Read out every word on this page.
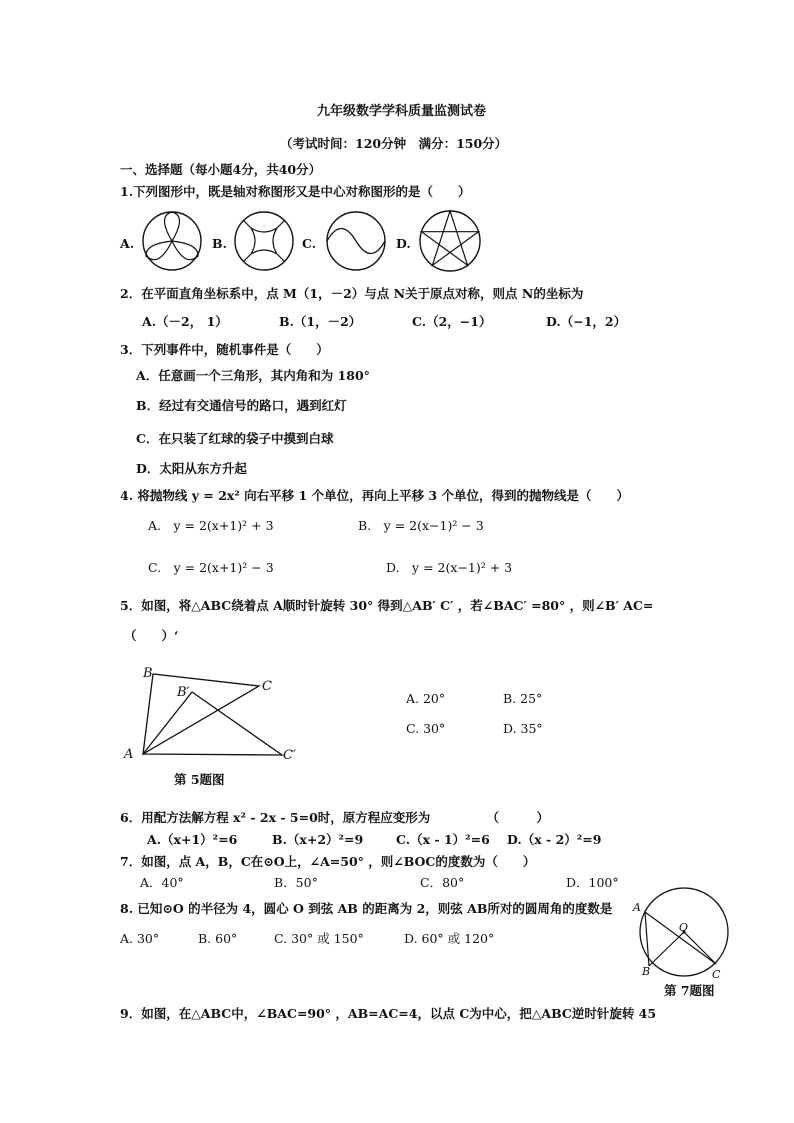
九年级数学学科质量监测试卷
（考试时间：120分钟　满分：150分）
一、选择题（每小题4分，共40分）
1.下列图形中，既是轴对称图形又是中心对称图形的是（　　）
A.	B.	C.	D.
2．在平面直角坐标系中，点 M（1，－2）与点 N关于原点对称，则点 N的坐标为
A.（－2， 1）	B.（1，－2）	C.（2，−1）	D.（−1，2）
3．下列事件中，随机事件是（　　）
A．任意画一个三角形，其内角和为 180°
B．经过有交通信号的路口，遇到红灯
C．在只装了红球的袋子中摸到白球
D．太阳从东方升起
4. 将抛物线 y = 2x² 向右平移 1 个单位，再向上平移 3 个单位，得到的抛物线是（　　）
A.　y = 2(x+1)² + 3	B.　y = 2(x−1)² − 3
C.　y = 2(x+1)² − 3	D.　y = 2(x−1)² + 3
5．如图，将△ABC绕着点 A顺时针旋转 30° 得到△AB′ C′ ，若∠BAC′ =80° ，则∠B′ AC=
（　　）‘
B
B′	C
A	C′
第 5题图
A. 20°	B. 25°
C. 30°	D. 35°
6．用配方法解方程 x² - 2x - 5=0时，原方程应变形为　　　　　（　　　）
A.（x+1）²=6	B.（x+2）²=9	C.（x - 1）²=6 D.（x - 2）²=9
7．如图，点 A，B，C在⊙O上，∠A=50° ，则∠BOC的度数为（　　）
A．40°	B．50°	C．80°	D．100°
8. 已知⊙O 的半径为 4，圆心 O 到弦 AB 的距离为 2，则弦 AB所对的圆周角的度数是
A. 30°	B. 60°	C. 30° 或 150°	D. 60° 或 120°
A
O
B	C
第 7题图
9．如图，在△ABC中，∠BAC=90° ，AB=AC=4，以点 C为中心，把△ABC逆时针旋转 45
